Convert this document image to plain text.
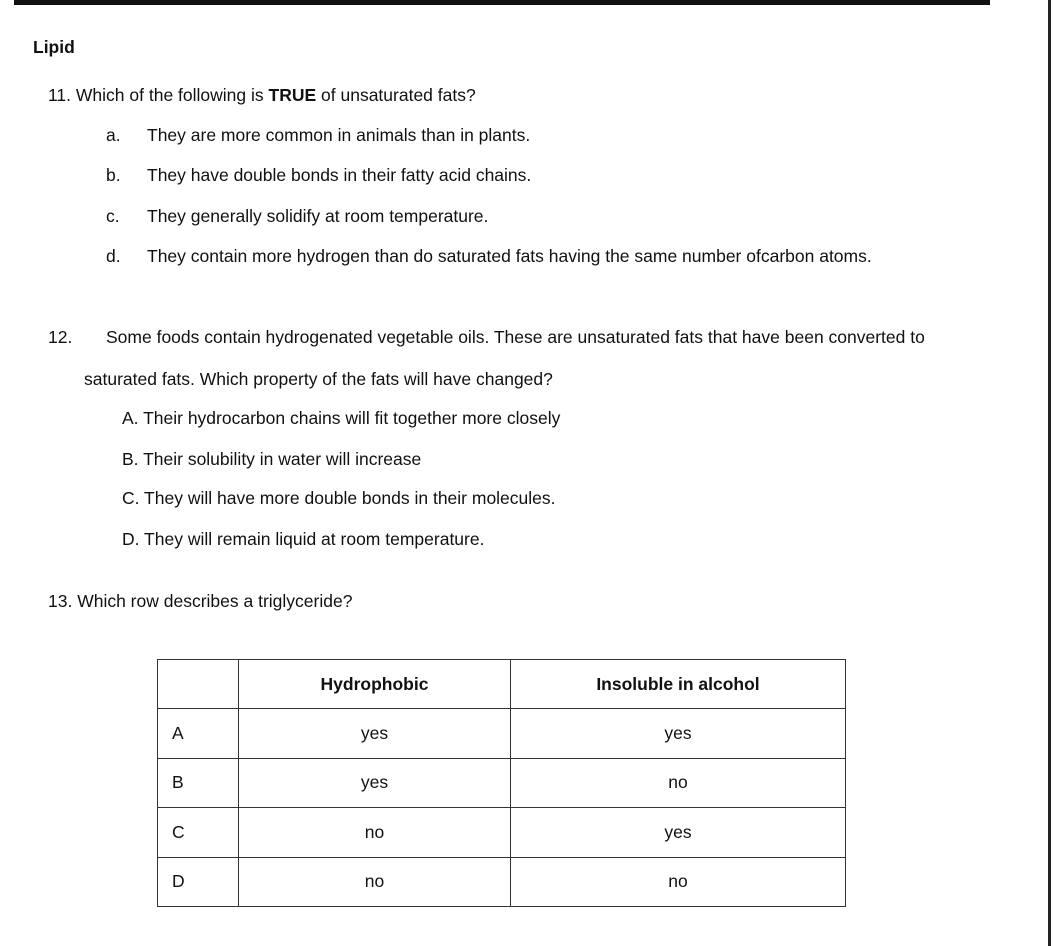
Lipid
11. Which of the following is TRUE of unsaturated fats?
a. They are more common in animals than in plants.
b. They have double bonds in their fatty acid chains.
c. They generally solidify at room temperature.
d. They contain more hydrogen than do saturated fats having the same number ofcarbon atoms.
12. Some foods contain hydrogenated vegetable oils. These are unsaturated fats that have been converted to
saturated fats. Which property of the fats will have changed?
A. Their hydrocarbon chains will fit together more closely
B. Their solubility in water will increase
C. They will have more double bonds in their molecules.
D. They will remain liquid at room temperature.
13. Which row describes a triglyceride?
	Hydrophobic	Insoluble in alcohol
A	yes	yes
B	yes	no
C	no	yes
D	no	no
